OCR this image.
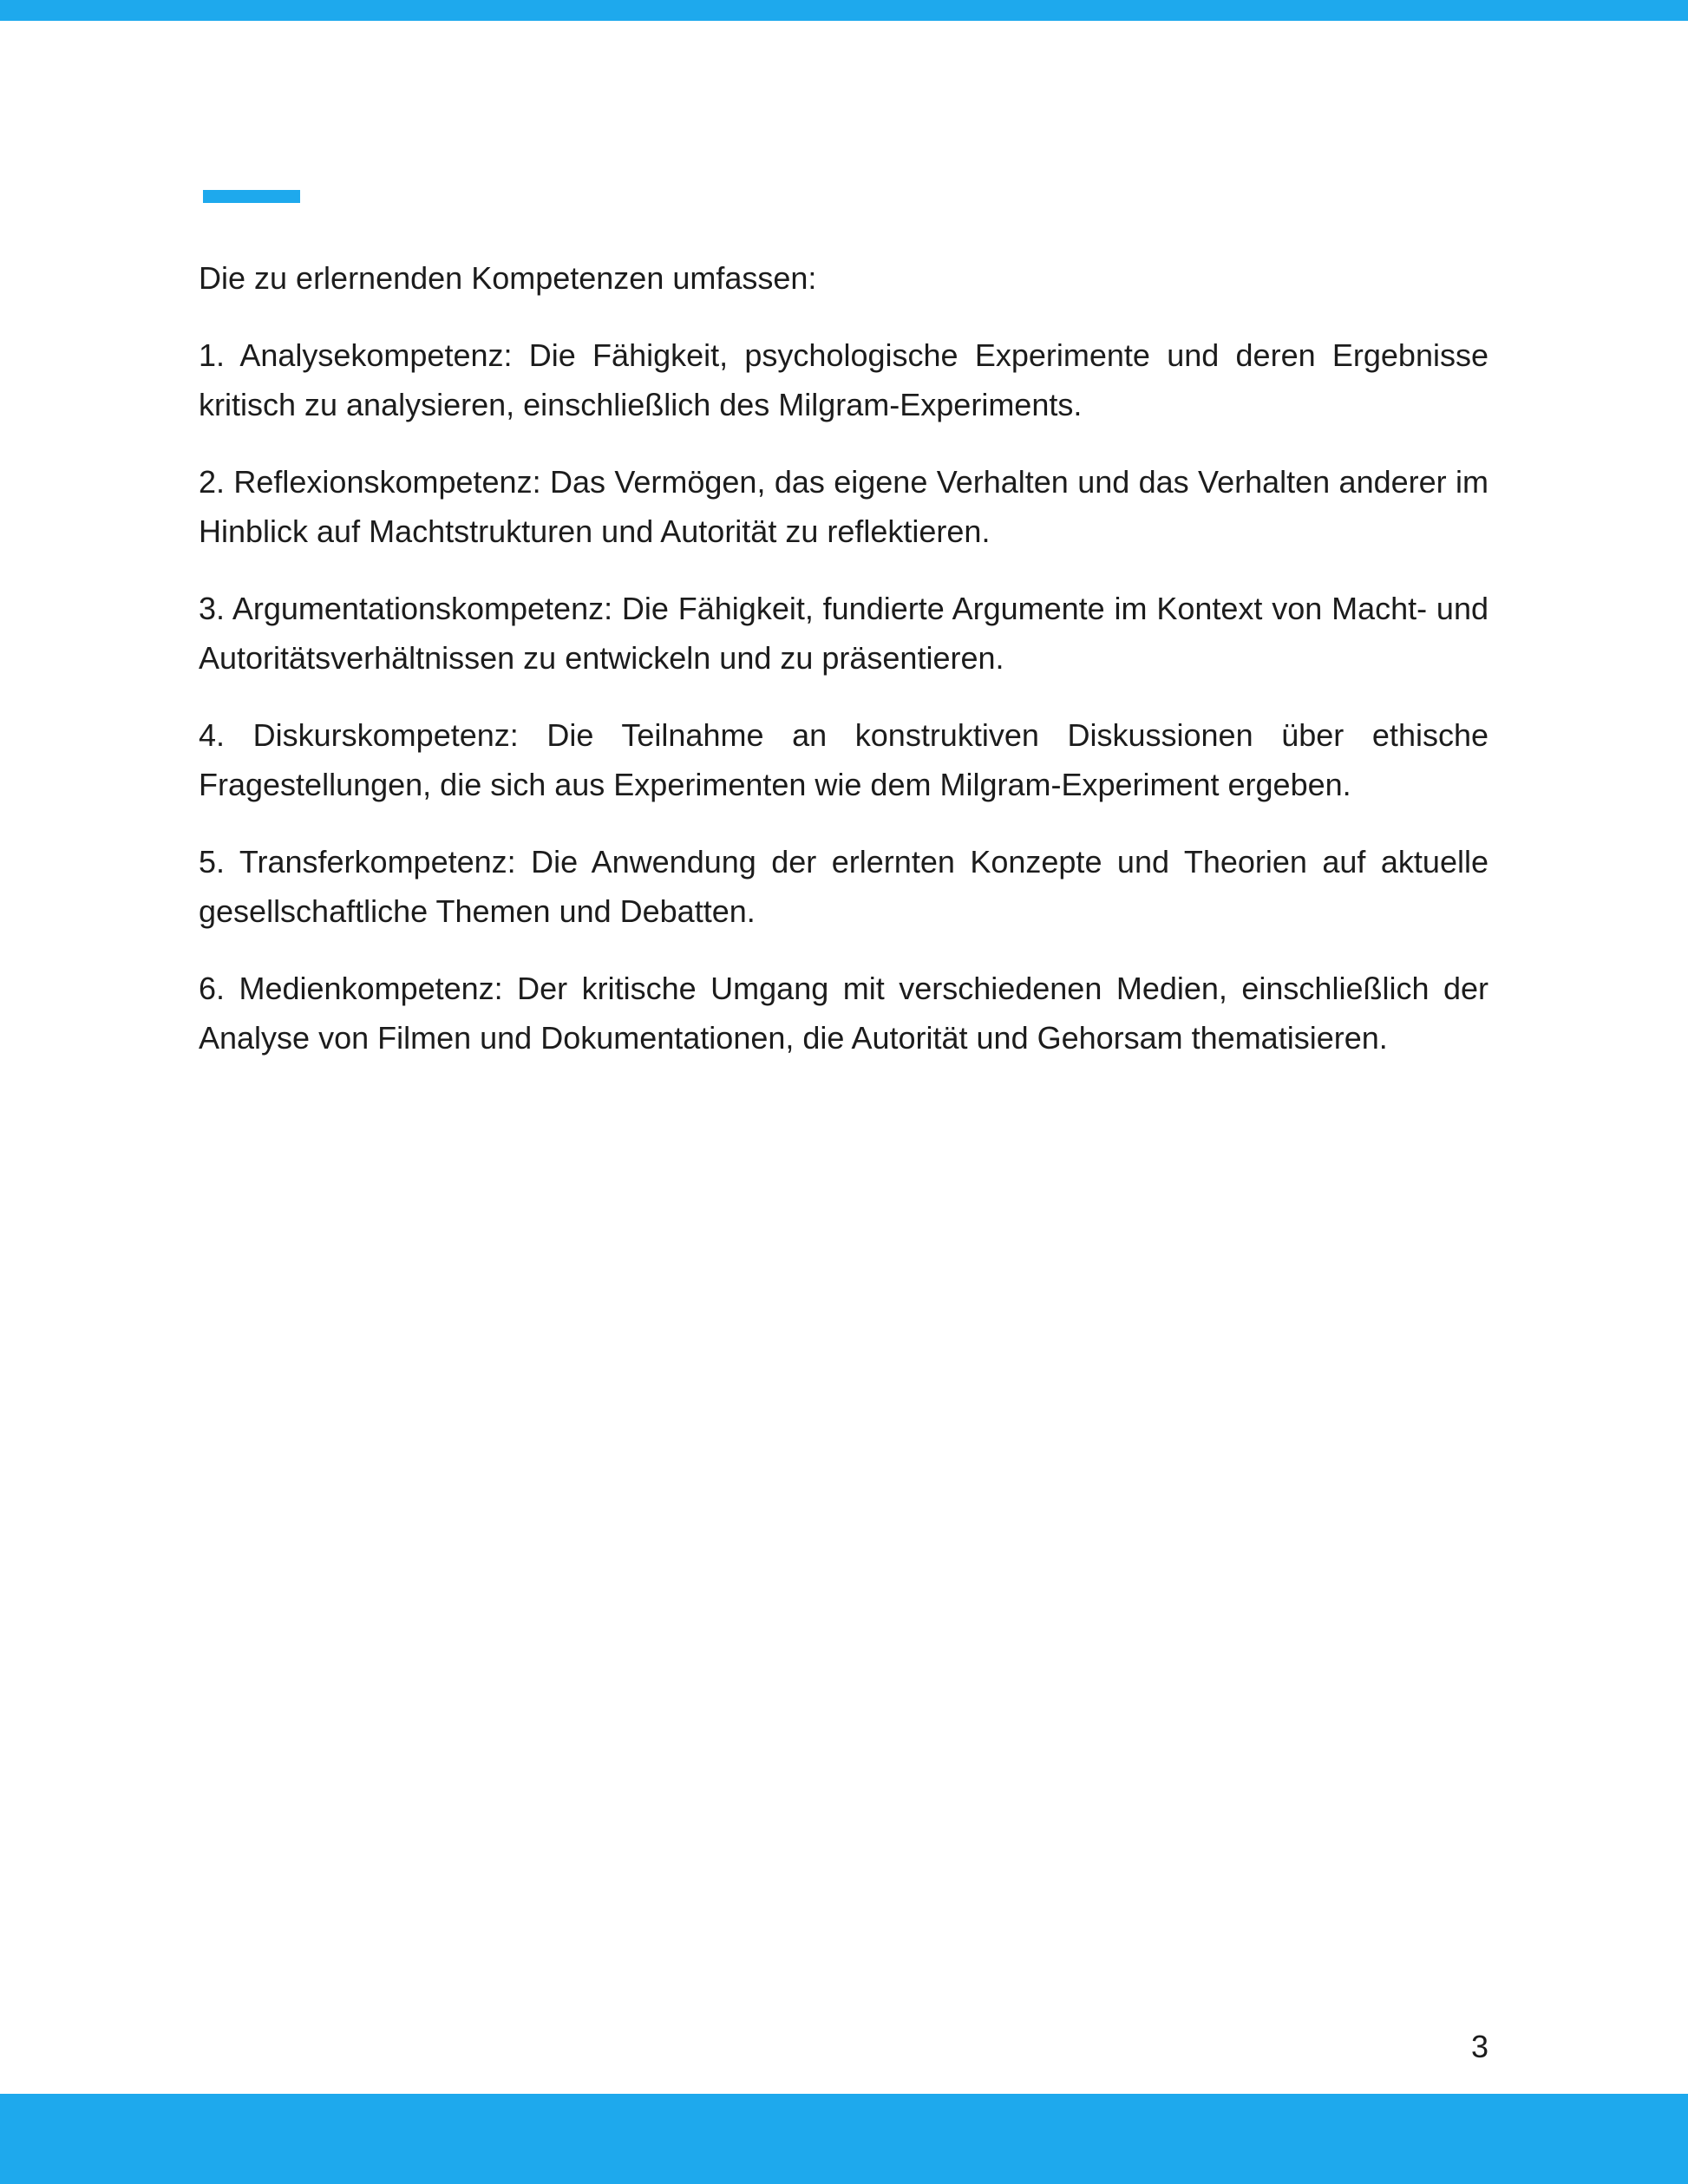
Die zu erlernenden Kompetenzen umfassen:

1. Analysekompetenz: Die Fähigkeit, psychologische Experimente und deren Ergebnisse kritisch zu analysieren, einschließlich des Milgram-Experiments.
2. Reflexionskompetenz: Das Vermögen, das eigene Verhalten und das Verhalten anderer im Hinblick auf Machtstrukturen und Autorität zu reflektieren.
3. Argumentationskompetenz: Die Fähigkeit, fundierte Argumente im Kontext von Macht- und Autoritätsverhältnissen zu entwickeln und zu präsentieren.
4. Diskurskompetenz: Die Teilnahme an konstruktiven Diskussionen über ethische Fragestellungen, die sich aus Experimenten wie dem Milgram-Experiment ergeben.
5. Transferkompetenz: Die Anwendung der erlernten Konzepte und Theorien auf aktuelle gesellschaftliche Themen und Debatten.
6. Medienkompetenz: Der kritische Umgang mit verschiedenen Medien, einschließlich der Analyse von Filmen und Dokumentationen, die Autorität und Gehorsam thematisieren.
3
